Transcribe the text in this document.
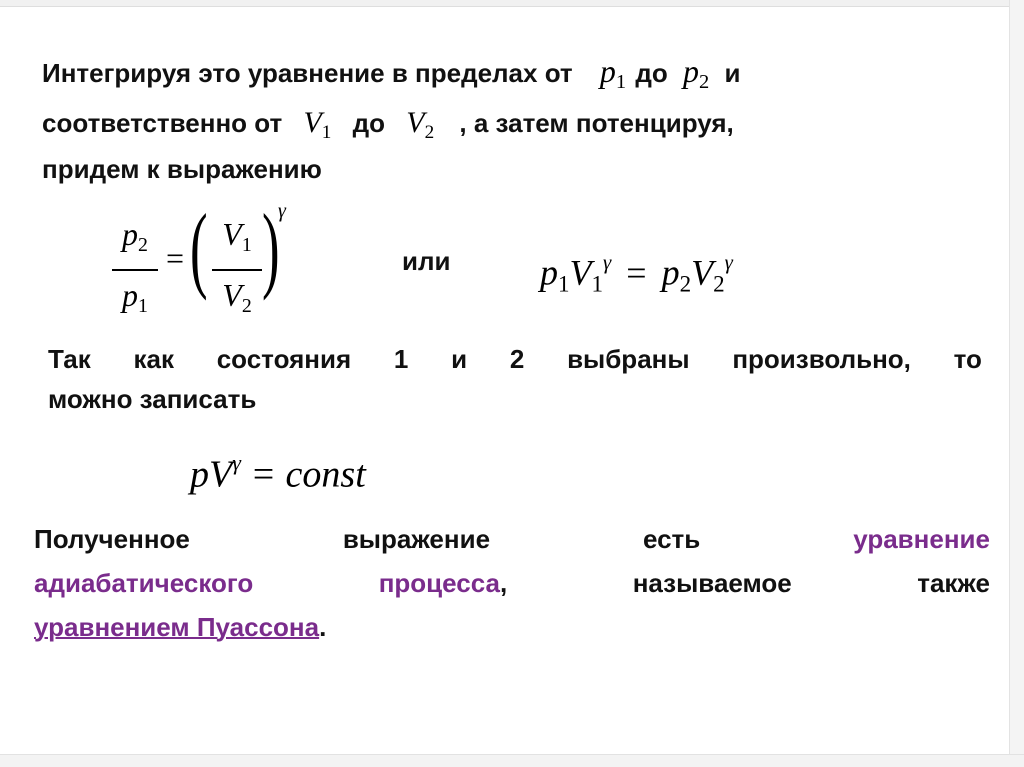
Интегрируя это уравнение в пределах от $p_1$ до $p_2$ и
соответственно от $V_1$ до $V_2$ , а затем потенцируя,
придем к выражению
$p_2$
$p_1$
= ( $V_1$
$V_2$
)
γ
или $p_1V_1^\gamma = p_2V_2^\gamma$
Так как состояния 1 и 2 выбраны произвольно, то
можно записать
$pV^\gamma$ = const
Полученное	выражение	есть	уравнение
адиабатического	процесса,	называемое	также
уравнением Пуассона.
